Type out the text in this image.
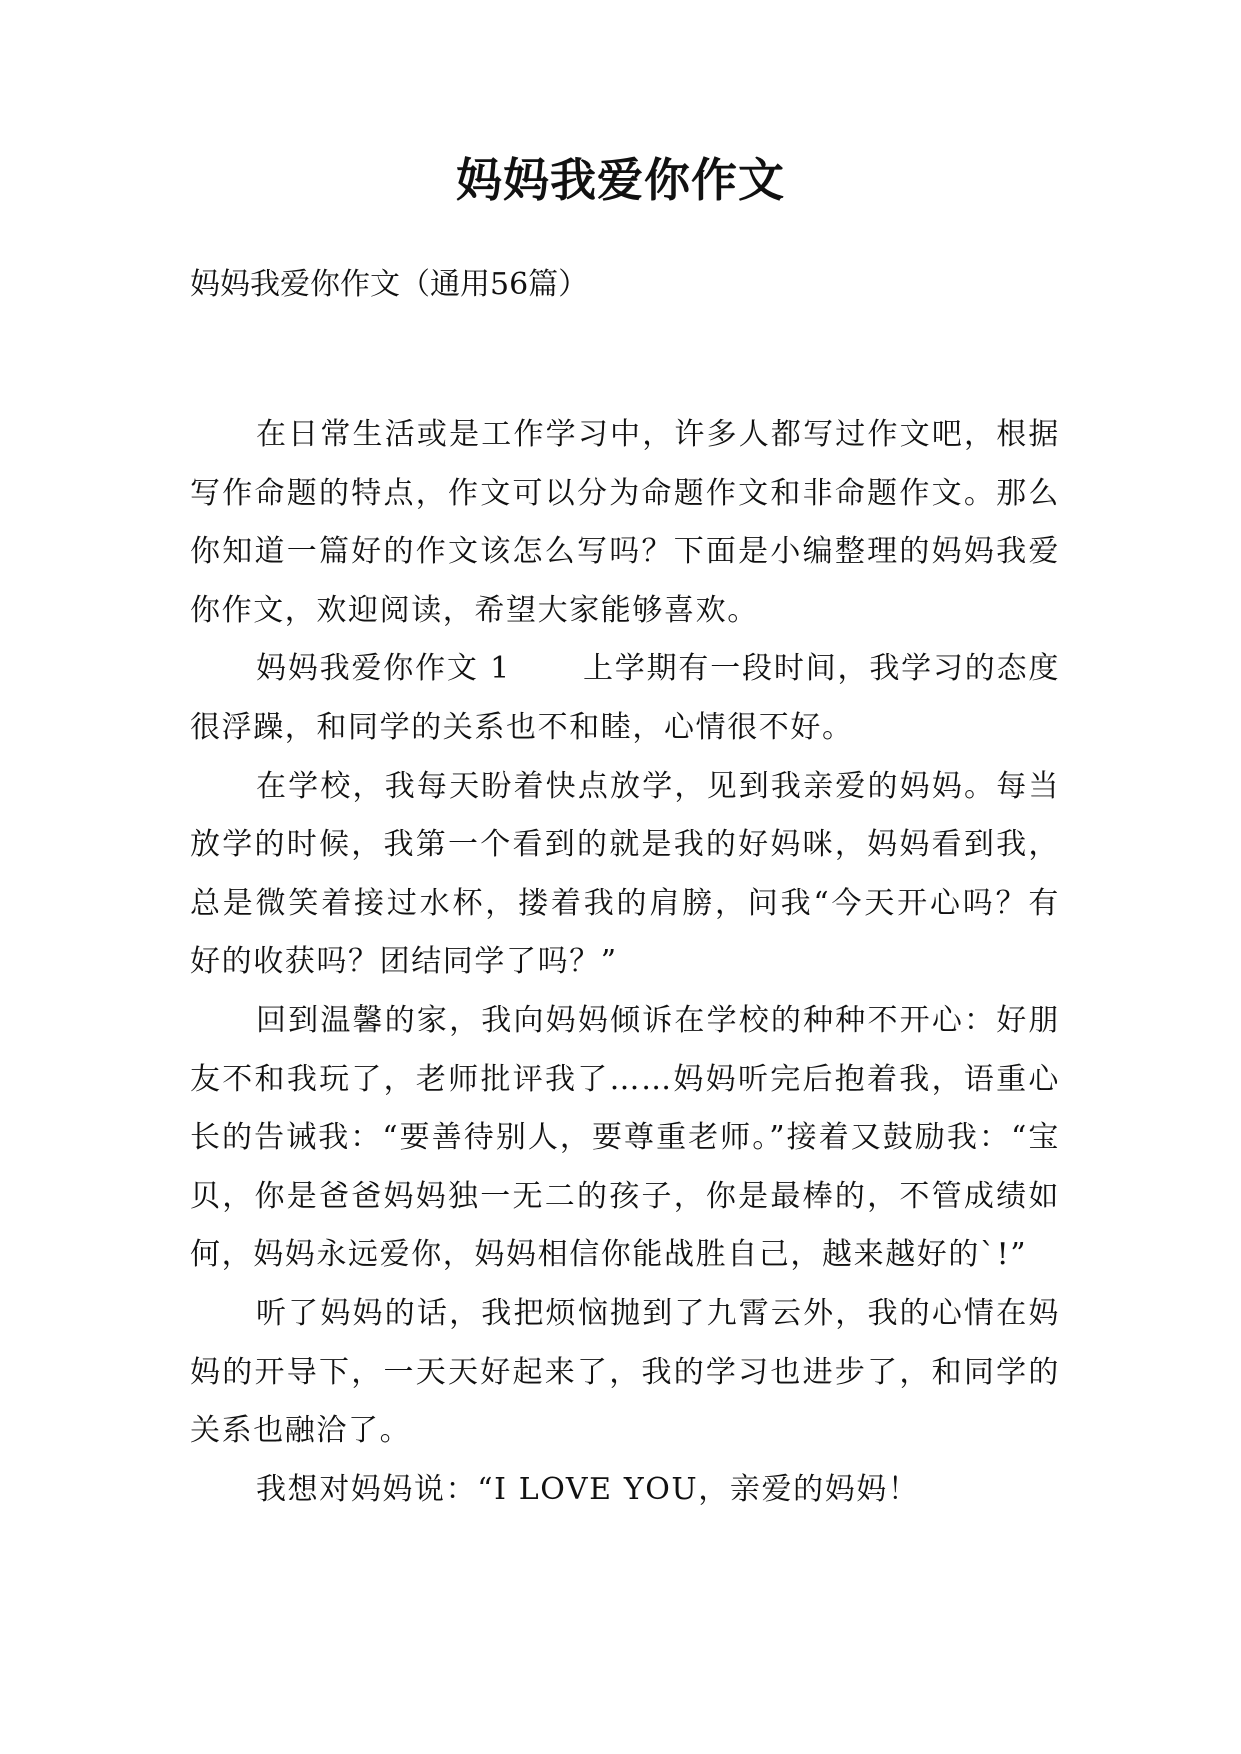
妈妈我爱你作文

妈妈我爱你作文（通用56篇）

在日常生活或是工作学习中，许多人都写过作文吧，根据写作命题的特点，作文可以分为命题作文和非命题作文。那么你知道一篇好的作文该怎么写吗？下面是小编整理的妈妈我爱你作文，欢迎阅读，希望大家能够喜欢。

妈妈我爱你作文 1 上学期有一段时间，我学习的态度很浮躁，和同学的关系也不和睦，心情很不好。

在学校，我每天盼着快点放学，见到我亲爱的妈妈。每当放学的时候，我第一个看到的就是我的好妈咪，妈妈看到我，总是微笑着接过水杯，搂着我的肩膀，问我“今天开心吗？有好的收获吗？团结同学了吗？”

回到温馨的家，我向妈妈倾诉在学校的种种不开心：好朋友不和我玩了，老师批评我了……妈妈听完后抱着我，语重心长的告诫我：“要善待别人，要尊重老师。”接着又鼓励我：“宝贝，你是爸爸妈妈独一无二的孩子，你是最棒的，不管成绩如何，妈妈永远爱你，妈妈相信你能战胜自己，越来越好的`!”

听了妈妈的话，我把烦恼抛到了九霄云外，我的心情在妈妈的开导下，一天天好起来了，我的学习也进步了，和同学的关系也融洽了。

我想对妈妈说：“I LOVE YOU，亲爱的妈妈！
